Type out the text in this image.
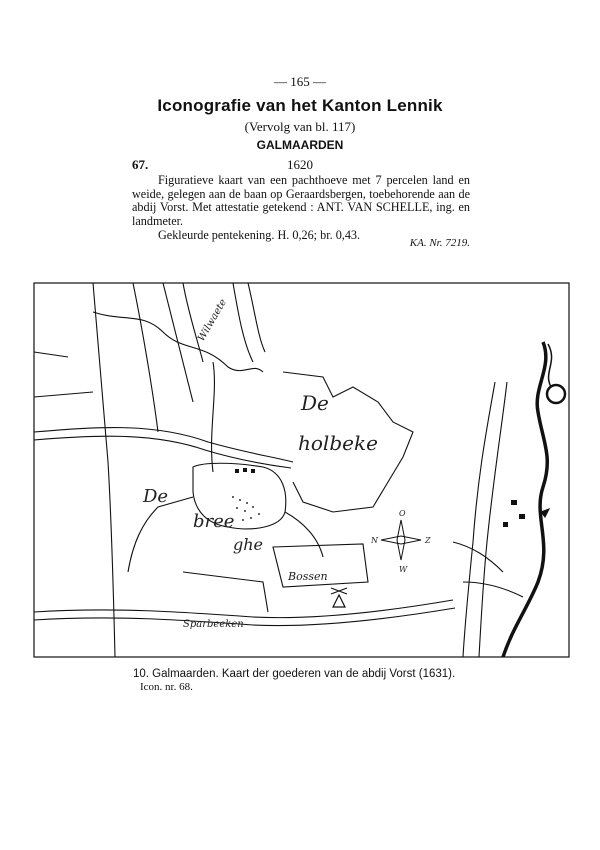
— 165 —
Iconografie van het Kanton Lennik
(Vervolg van bl. 117)
GALMAARDEN
67.	1620
Figuratieve kaart van een pachthoeve met 7 percelen land en weide, gelegen aan de baan op Geraardsbergen, toebehorende aan de abdij Vorst. Met attestatie getekend : ANT. VAN SCHELLE, ing. en landmeter.
Gekleurde pentekening. H. 0,26; br. 0,43.
KA. Nr. 7219.
O
W
N	Z
De
holbeke
De
bree
ghe
Bossen
Wilwaete
Sparbeeken
10. Galmaarden. Kaart der goederen van de abdij Vorst (1631).
Icon. nr. 68.
